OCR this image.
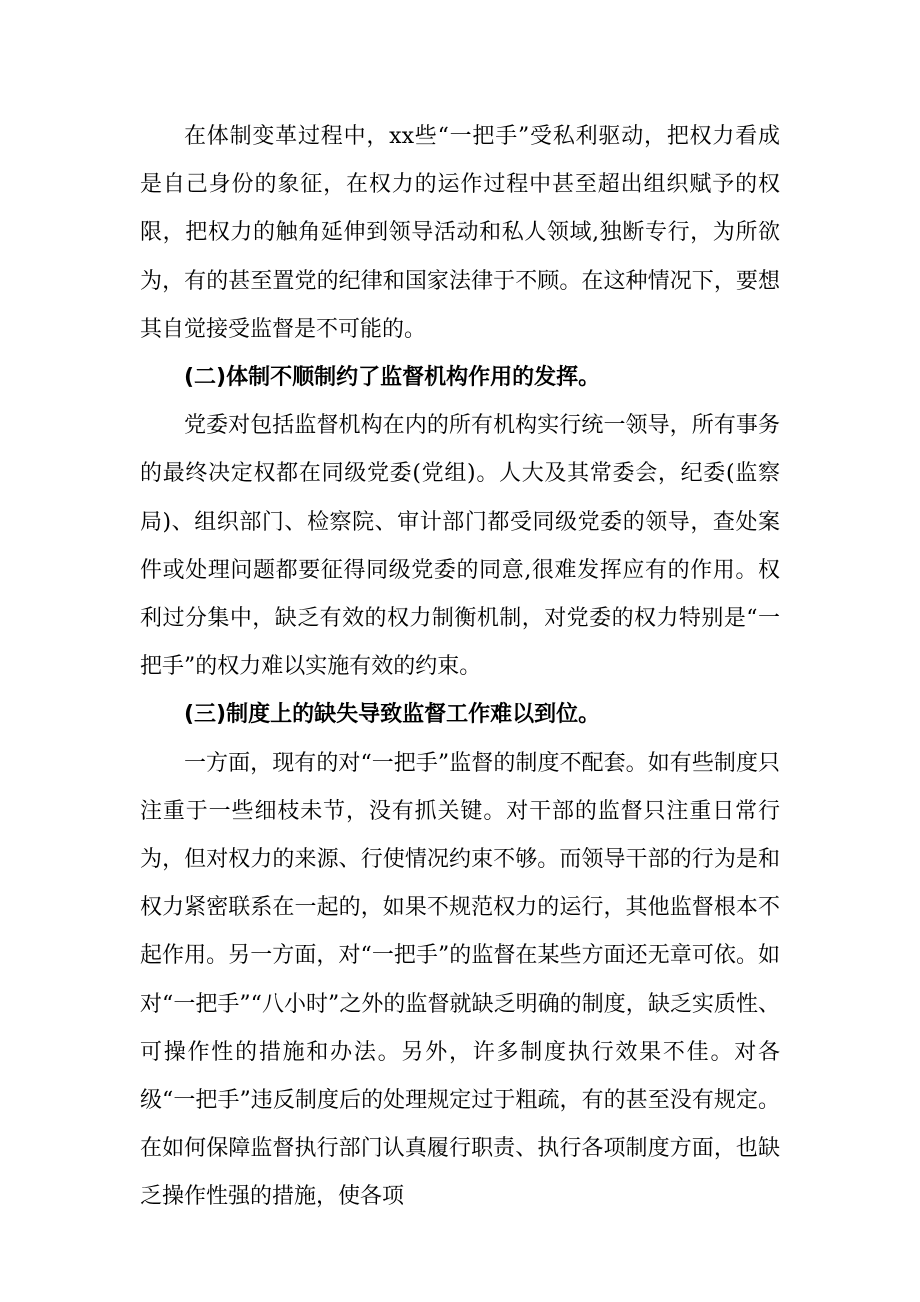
在体制变革过程中，xx些“一把手”受私利驱动，把权力看成是自己身份的象征，在权力的运作过程中甚至超出组织赋予的权限，把权力的触角延伸到领导活动和私人领域,独断专行，为所欲为，有的甚至置党的纪律和国家法律于不顾。在这种情况下，要想其自觉接受监督是不可能的。

(二)体制不顺制约了监督机构作用的发挥。

党委对包括监督机构在内的所有机构实行统一领导，所有事务的最终决定权都在同级党委(党组)。人大及其常委会，纪委(监察局)、组织部门、检察院、审计部门都受同级党委的领导，查处案件或处理问题都要征得同级党委的同意,很难发挥应有的作用。权利过分集中，缺乏有效的权力制衡机制，对党委的权力特别是“一把手”的权力难以实施有效的约束。

(三)制度上的缺失导致监督工作难以到位。

一方面，现有的对“一把手”监督的制度不配套。如有些制度只注重于一些细枝未节，没有抓关键。对干部的监督只注重日常行为，但对权力的来源、行使情况约束不够。而领导干部的行为是和权力紧密联系在一起的，如果不规范权力的运行，其他监督根本不起作用。另一方面，对“一把手”的监督在某些方面还无章可依。如对“一把手”“八小时”之外的监督就缺乏明确的制度，缺乏实质性、可操作性的措施和办法。另外，许多制度执行效果不佳。对各级“一把手”违反制度后的处理规定过于粗疏，有的甚至没有规定。在如何保障监督执行部门认真履行职责、执行各项制度方面，也缺乏操作性强的措施，使各项
